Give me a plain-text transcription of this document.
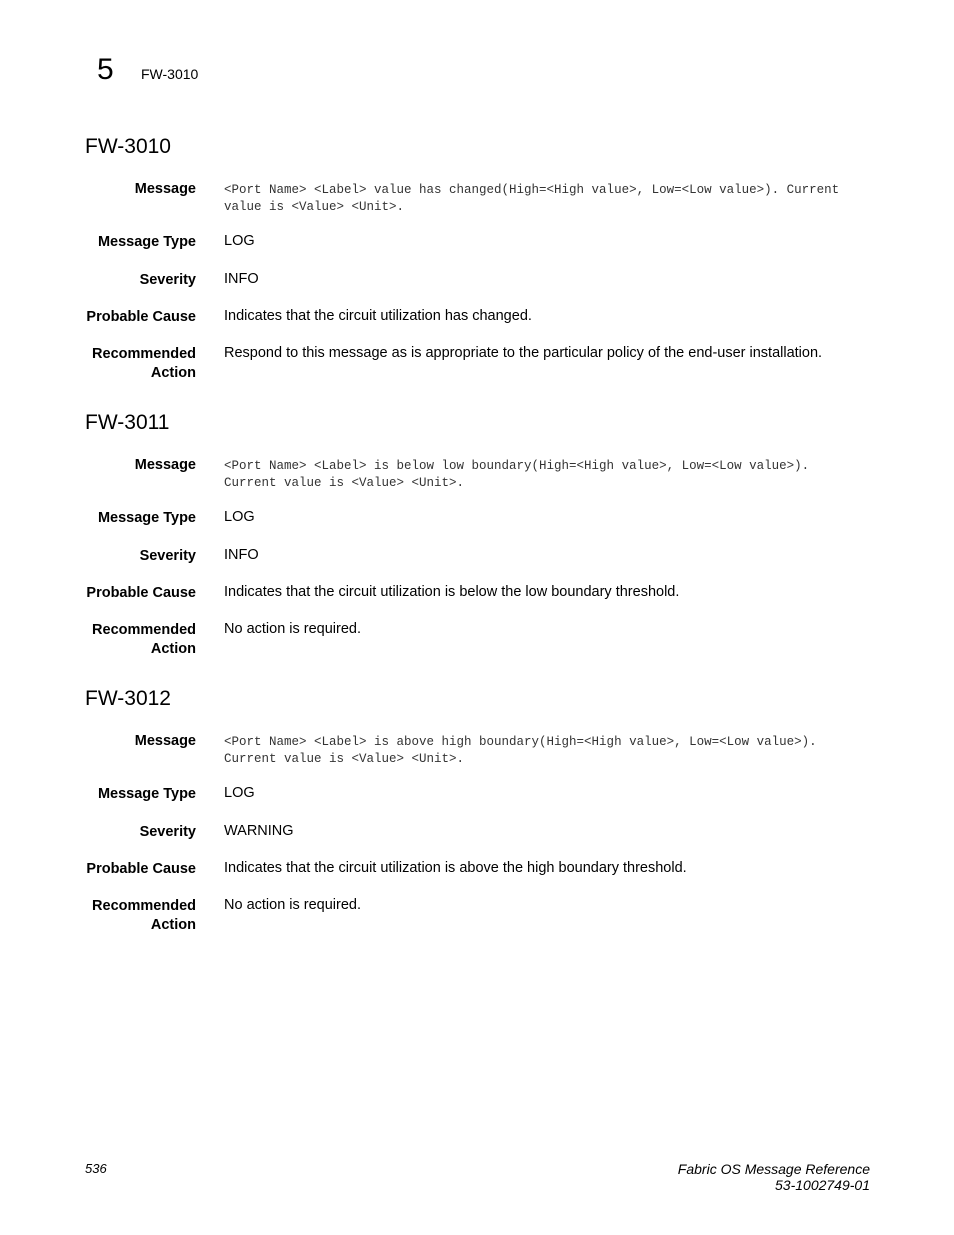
5 FW-3010
FW-3010
Message <Port Name> <Label> value has changed(High=<High value>, Low=<Low value>). Current value is <Value> <Unit>.
Message Type LOG
Severity INFO
Probable Cause Indicates that the circuit utilization has changed.
Recommended
Action
Respond to this message as is appropriate to the particular policy of the end-user installation.
FW-3011
Message <Port Name> <Label> is below low boundary(High=<High value>, Low=<Low value>). Current value is <Value> <Unit>.
Message Type LOG
Severity INFO
Probable Cause Indicates that the circuit utilization is below the low boundary threshold.
Recommended
Action
No action is required.
FW-3012
Message <Port Name> <Label> is above high boundary(High=<High value>, Low=<Low value>). Current value is <Value> <Unit>.
Message Type LOG
Severity WARNING
Probable Cause Indicates that the circuit utilization is above the high boundary threshold.
Recommended
Action
No action is required.
536	Fabric OS Message Reference
53-1002749-01
